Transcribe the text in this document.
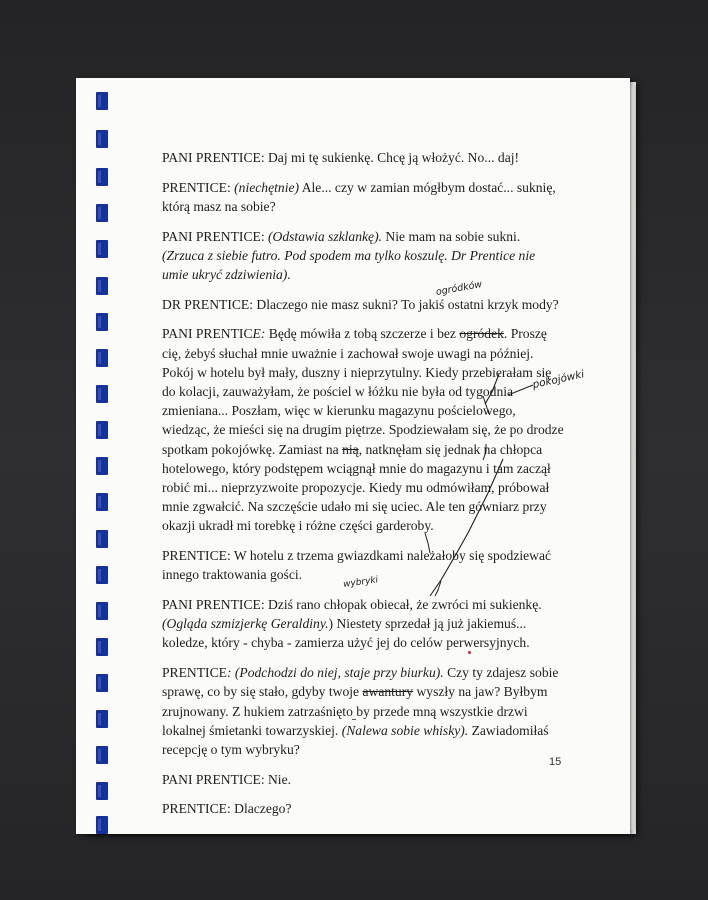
PANI PRENTICE: Daj mi tę sukienkę. Chcę ją włożyć. No... daj!

PRENTICE: (niechętnie) Ale... czy w zamian mógłbym dostać... suknię, którą masz na sobie?

PANI PRENTICE: (Odstawia szklankę). Nie mam na sobie sukni. (Zrzuca z siebie futro. Pod spodem ma tylko koszulę. Dr Prentice nie umie ukryć zdziwienia).

DR PRENTICE: Dlaczego nie masz sukni? To jakiś ostatni krzyk mody?

PANI PRENTICE: Będę mówiła z tobą szczerze i bez ogródek. Proszę cię, żebyś słuchał mnie uważnie i zachował swoje uwagi na później. Pokój w hotelu był mały, duszny i nieprzytulny. Kiedy przebierałam się do kolacji, zauważyłam, że pościel w łóżku nie była od tygodnia zmieniana... Poszłam, więc w kierunku magazynu pościelowego, wiedząc, że mieści się na drugim piętrze. Spodziewałam się, że po drodze spotkam pokojówkę. Zamiast na nią, natknęłam się jednak na chłopca hotelowego, który podstępem wciągnął mnie do magazynu i tam zaczął robić mi... nieprzyzwoite propozycje. Kiedy mu odmówiłam, próbował mnie zgwałcić. Na szczęście udało mi się uciec. Ale ten gówniarz przy okazji ukradł mi torebkę i różne części garderoby.

PRENTICE: W hotelu z trzema gwiazdkami należałoby się spodziewać innego traktowania gości.

PANI PRENTICE: Dziś rano chłopak obiecał, że zwróci mi sukienkę.(Ogląda szmizjerkę Geraldiny.) Niestety sprzedał ją już jakiemuś... koledze, który - chyba - zamierza użyć jej do celów perwersyjnych.

PRENTICE: (Podchodzi do niej, staje przy biurku). Czy ty zdajesz sobie sprawę, co by się stało, gdyby twoje awantury wyszły na jaw? Byłbym zrujnowany. Z hukiem zatrzaśnięto by przede mną wszystkie drzwi lokalnej śmietanki towarzyskiej. (Nalewa sobie whisky). Zawiadomiłaś recepcję o tym wybryku?

PANI PRENTICE: Nie.

PRENTICE: Dlaczego?

15
ogródków
pokojówki
wybryki
